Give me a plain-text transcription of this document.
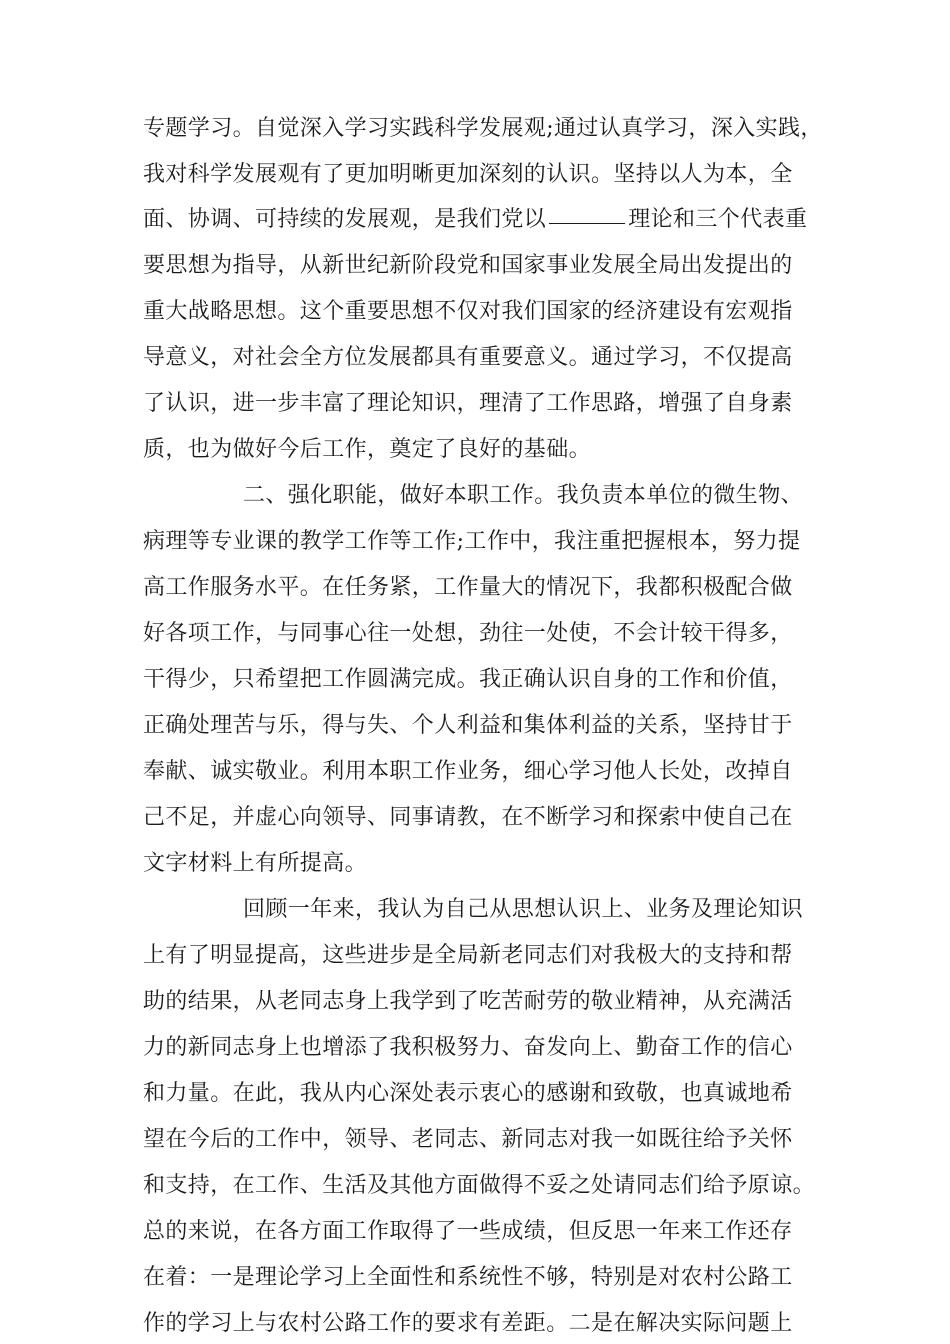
专题学习。自觉深入学习实践科学发展观;通过认真学习，深入实践，
我对科学发展观有了更加明晰更加深刻的认识。坚持以人为本，全
面、协调、可持续的发展观，是我们党以	理论和三个代表重
要思想为指导，从新世纪新阶段党和国家事业发展全局出发提出的
重大战略思想。这个重要思想不仅对我们国家的经济建设有宏观指
导意义，对社会全方位发展都具有重要意义。通过学习，不仅提高
了认识，进一步丰富了理论知识，理清了工作思路，增强了自身素
质，也为做好今后工作，奠定了良好的基础。
二、强化职能，做好本职工作。我负责本单位的微生物、
病理等专业课的教学工作等工作;工作中，我注重把握根本，努力提
高工作服务水平。在任务紧，工作量大的情况下，我都积极配合做
好各项工作，与同事心往一处想，劲往一处使，不会计较干得多，
干得少，只希望把工作圆满完成。我正确认识自身的工作和价值，
正确处理苦与乐，得与失、个人利益和集体利益的关系，坚持甘于
奉献、诚实敬业。利用本职工作业务，细心学习他人长处，改掉自
己不足，并虚心向领导、同事请教，在不断学习和探索中使自己在
文字材料上有所提高。
回顾一年来，我认为自己从思想认识上、业务及理论知识
上有了明显提高，这些进步是全局新老同志们对我极大的支持和帮
助的结果，从老同志身上我学到了吃苦耐劳的敬业精神，从充满活
力的新同志身上也增添了我积极努力、奋发向上、勤奋工作的信心
和力量。在此，我从内心深处表示衷心的感谢和致敬，也真诚地希
望在今后的工作中，领导、老同志、新同志对我一如既往给予关怀
和支持，在工作、生活及其他方面做得不妥之处请同志们给予原谅。
总的来说，在各方面工作取得了一些成绩，但反思一年来工作还存
在着：一是理论学习上全面性和系统性不够，特别是对农村公路工
作的学习上与农村公路工作的要求有差距。二是在解决实际问题上
